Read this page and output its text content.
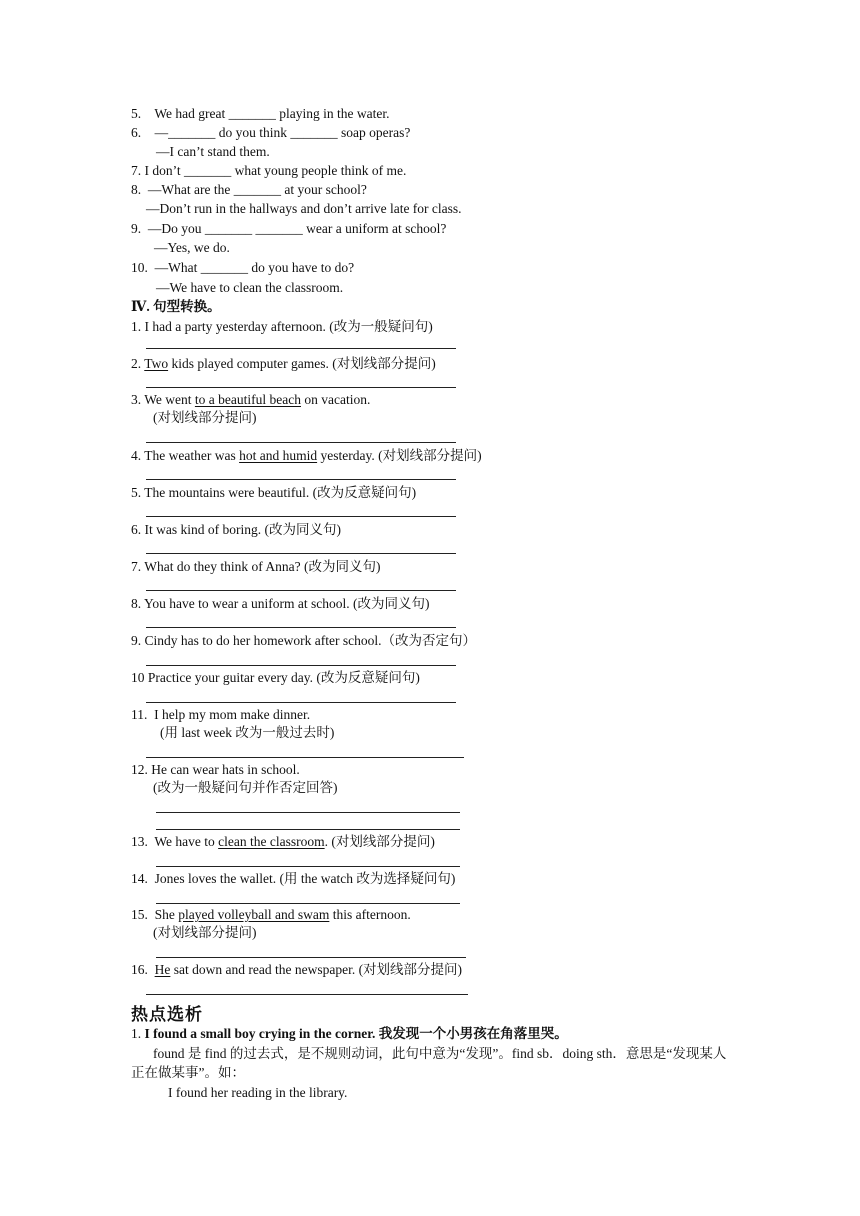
5.    We had great _______ playing in the water.
6.    —_______ do you think _______ soap operas?
—I can’t stand them.
7. I don’t _______ what young people think of me.
8.  —What are the _______ at your school?
—Don’t run in the hallways and don’t arrive late for class.
9.  —Do you _______ _______ wear a uniform at school?
—Yes, we do.
10.  —What _______ do you have to do?
—We have to clean the classroom.
Ⅳ. 句型转换。
1. I had a party yesterday afternoon. (改为一般疑问句)
2. Two kids played computer games. (对划线部分提问)
3. We went to a beautiful beach on vacation.
(对划线部分提问)
4. The weather was hot and humid yesterday. (对划线部分提问)
5. The mountains were beautiful. (改为反意疑问句)
6. It was kind of boring. (改为同义句)
7. What do they think of Anna? (改为同义句)
8. You have to wear a uniform at school. (改为同义句)
9. Cindy has to do her homework after school.（改为否定句）
10 Practice your guitar every day. (改为反意疑问句)
11.  I help my mom make dinner.
(用 last week 改为一般过去时)
12. He can wear hats in school.
(改为一般疑问句并作否定回答)
13.  We have to clean the classroom. (对划线部分提问)
14.  Jones loves the wallet. (用 the watch 改为选择疑问句)
15.  She played volleyball and swam this afternoon.
(对划线部分提问)
16.  He sat down and read the newspaper. (对划线部分提问)
热点选析
1. I found a small boy crying in the corner. 我发现一个小男孩在角落里哭。
found 是 find 的过去式，是不规则动词，此句中意为“发现”。find sb．doing sth．意思是“发现某人正在做某事”。如：
I found her reading in the library.
